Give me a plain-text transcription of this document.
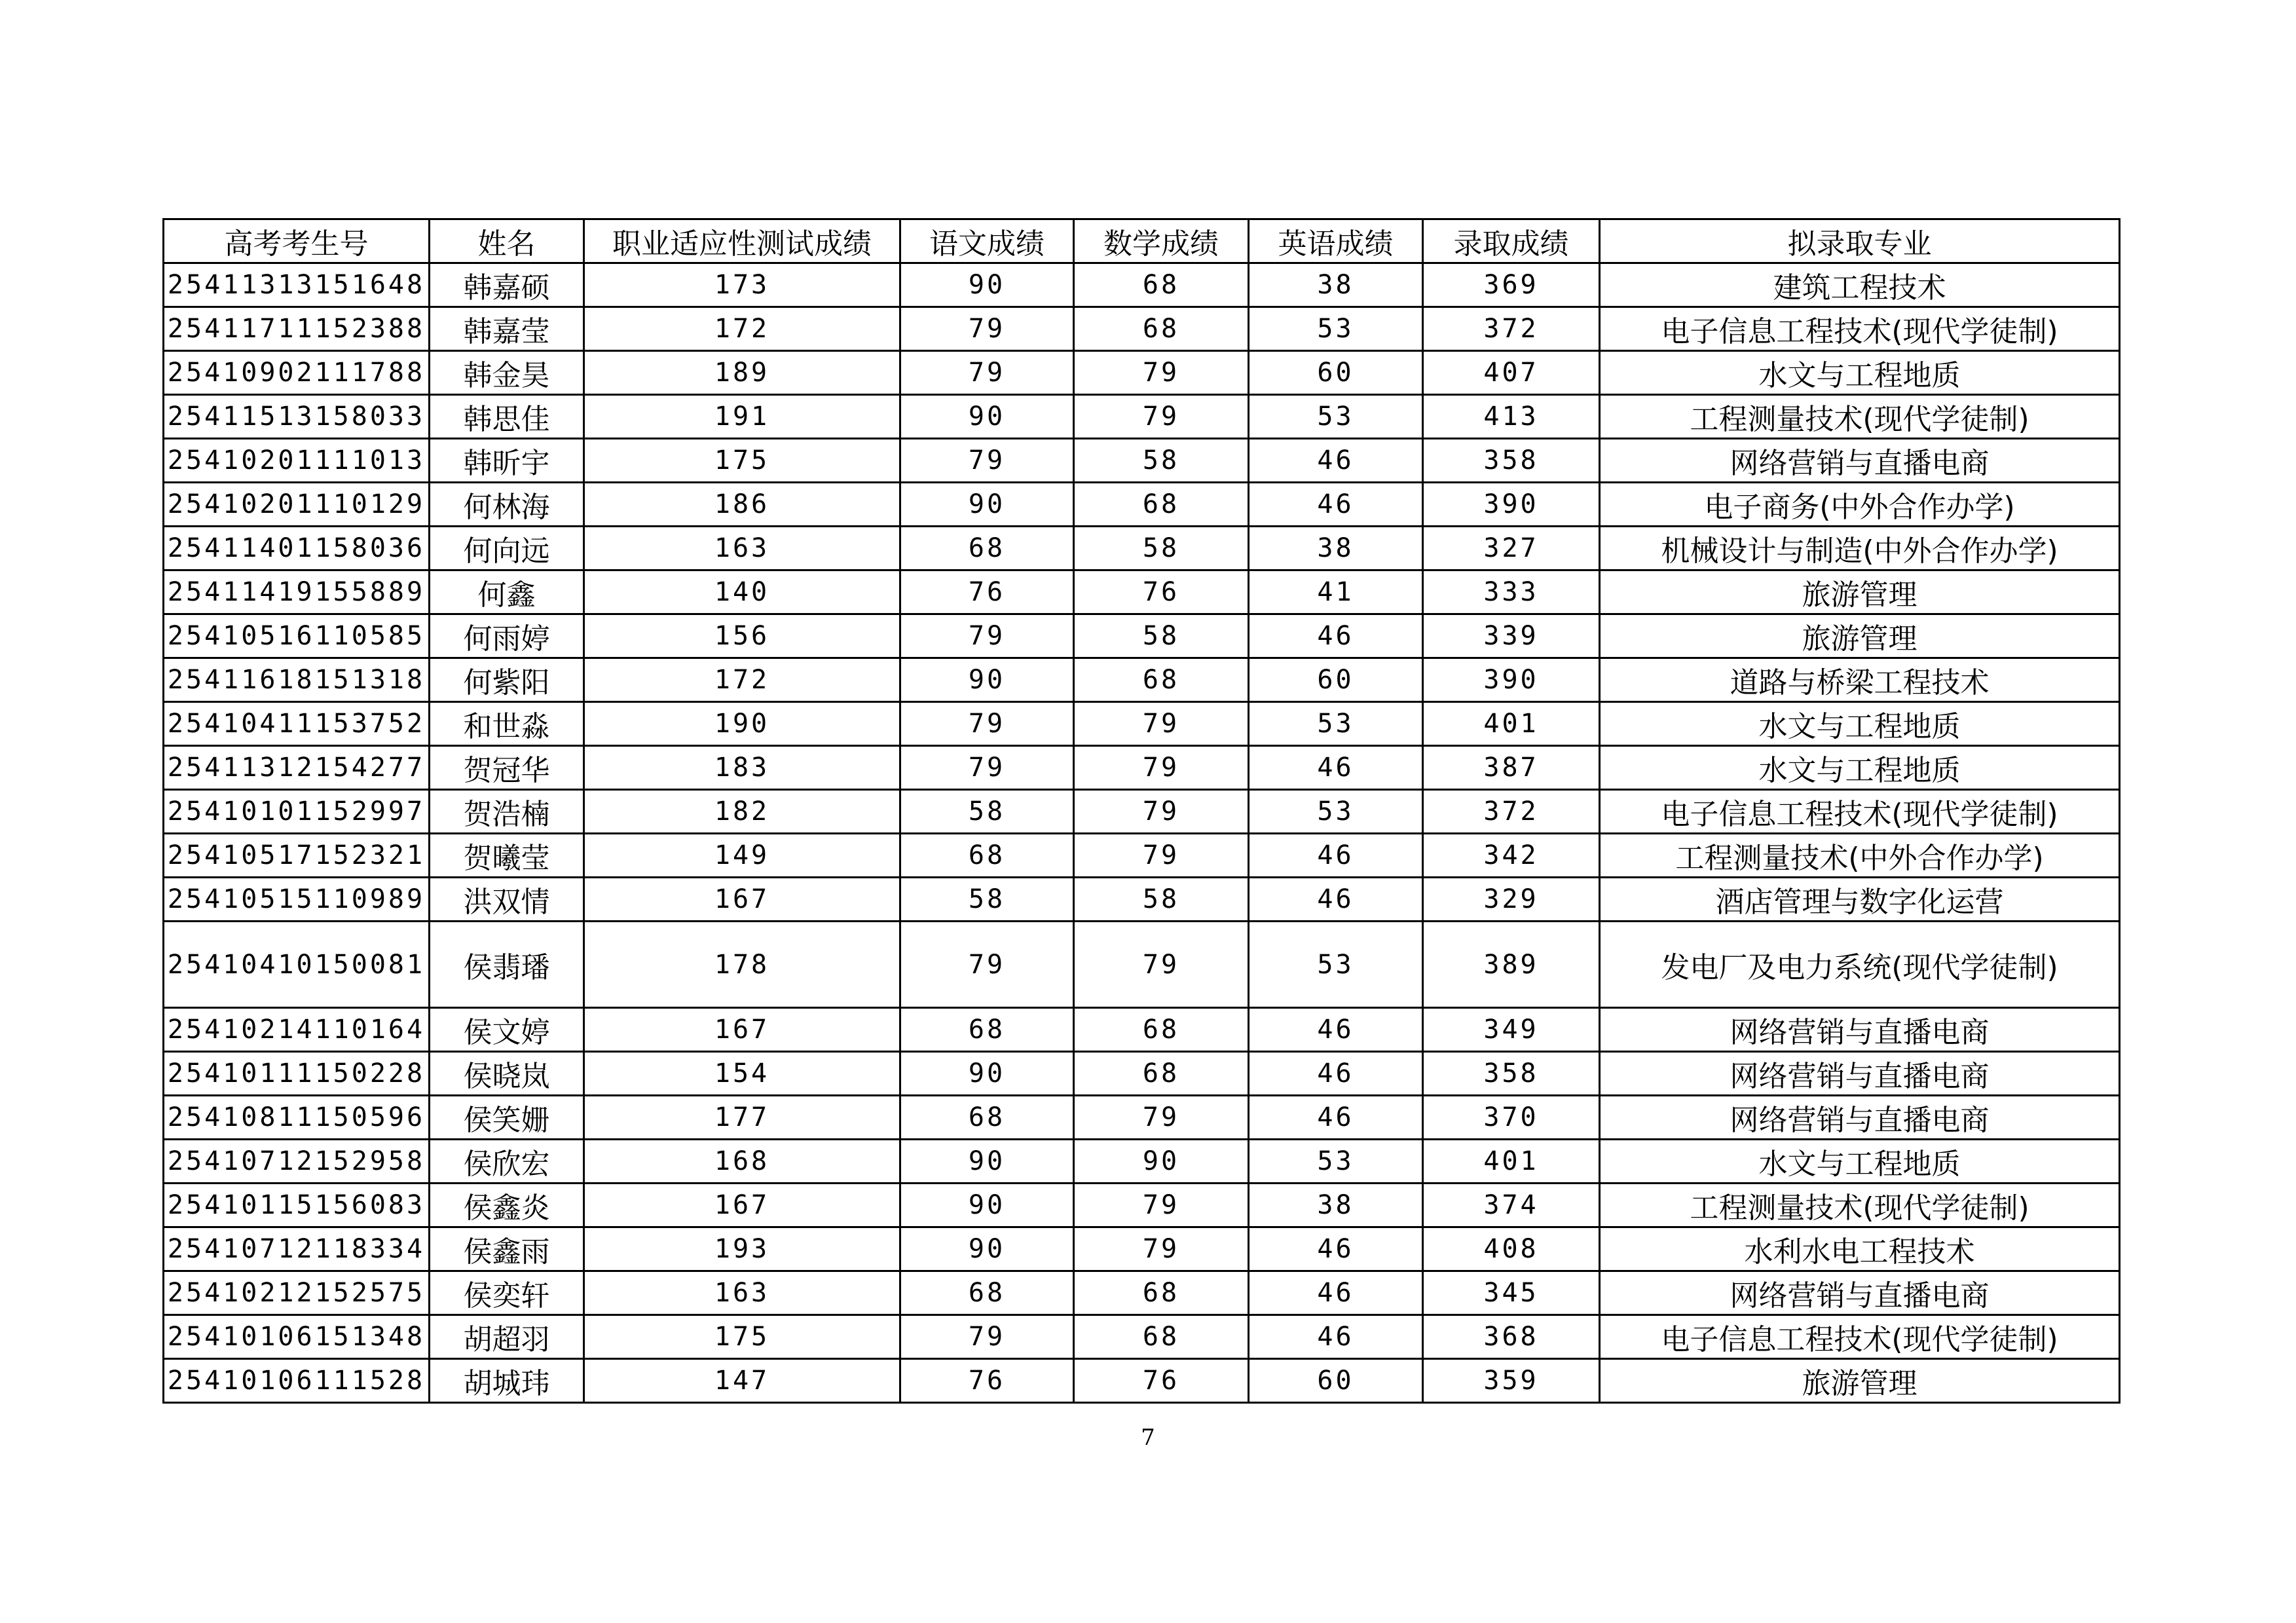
高考考生号	姓名	职业适应性测试成绩	语文成绩	数学成绩	英语成绩	录取成绩	拟录取专业
25411313151648	韩嘉硕	173	90	68	38	369	建筑工程技术
25411711152388	韩嘉莹	172	79	68	53	372	电子信息工程技术(现代学徒制)
25410902111788	韩金昊	189	79	79	60	407	水文与工程地质
25411513158033	韩思佳	191	90	79	53	413	工程测量技术(现代学徒制)
25410201111013	韩昕宇	175	79	58	46	358	网络营销与直播电商
25410201110129	何林海	186	90	68	46	390	电子商务(中外合作办学)
25411401158036	何向远	163	68	58	38	327	机械设计与制造(中外合作办学)
25411419155889	何鑫	140	76	76	41	333	旅游管理
25410516110585	何雨婷	156	79	58	46	339	旅游管理
25411618151318	何紫阳	172	90	68	60	390	道路与桥梁工程技术
25410411153752	和世淼	190	79	79	53	401	水文与工程地质
25411312154277	贺冠华	183	79	79	46	387	水文与工程地质
25410101152997	贺浩楠	182	58	79	53	372	电子信息工程技术(现代学徒制)
25410517152321	贺曦莹	149	68	79	46	342	工程测量技术(中外合作办学)
25410515110989	洪双情	167	58	58	46	329	酒店管理与数字化运营
25410410150081	侯翡璠	178	79	79	53	389	发电厂及电力系统(现代学徒制)
25410214110164	侯文婷	167	68	68	46	349	网络营销与直播电商
25410111150228	侯晓岚	154	90	68	46	358	网络营销与直播电商
25410811150596	侯笑姗	177	68	79	46	370	网络营销与直播电商
25410712152958	侯欣宏	168	90	90	53	401	水文与工程地质
25410115156083	侯鑫炎	167	90	79	38	374	工程测量技术(现代学徒制)
25410712118334	侯鑫雨	193	90	79	46	408	水利水电工程技术
25410212152575	侯奕轩	163	68	68	46	345	网络营销与直播电商
25410106151348	胡超羽	175	79	68	46	368	电子信息工程技术(现代学徒制)
25410106111528	胡城玮	147	76	76	60	359	旅游管理
7
